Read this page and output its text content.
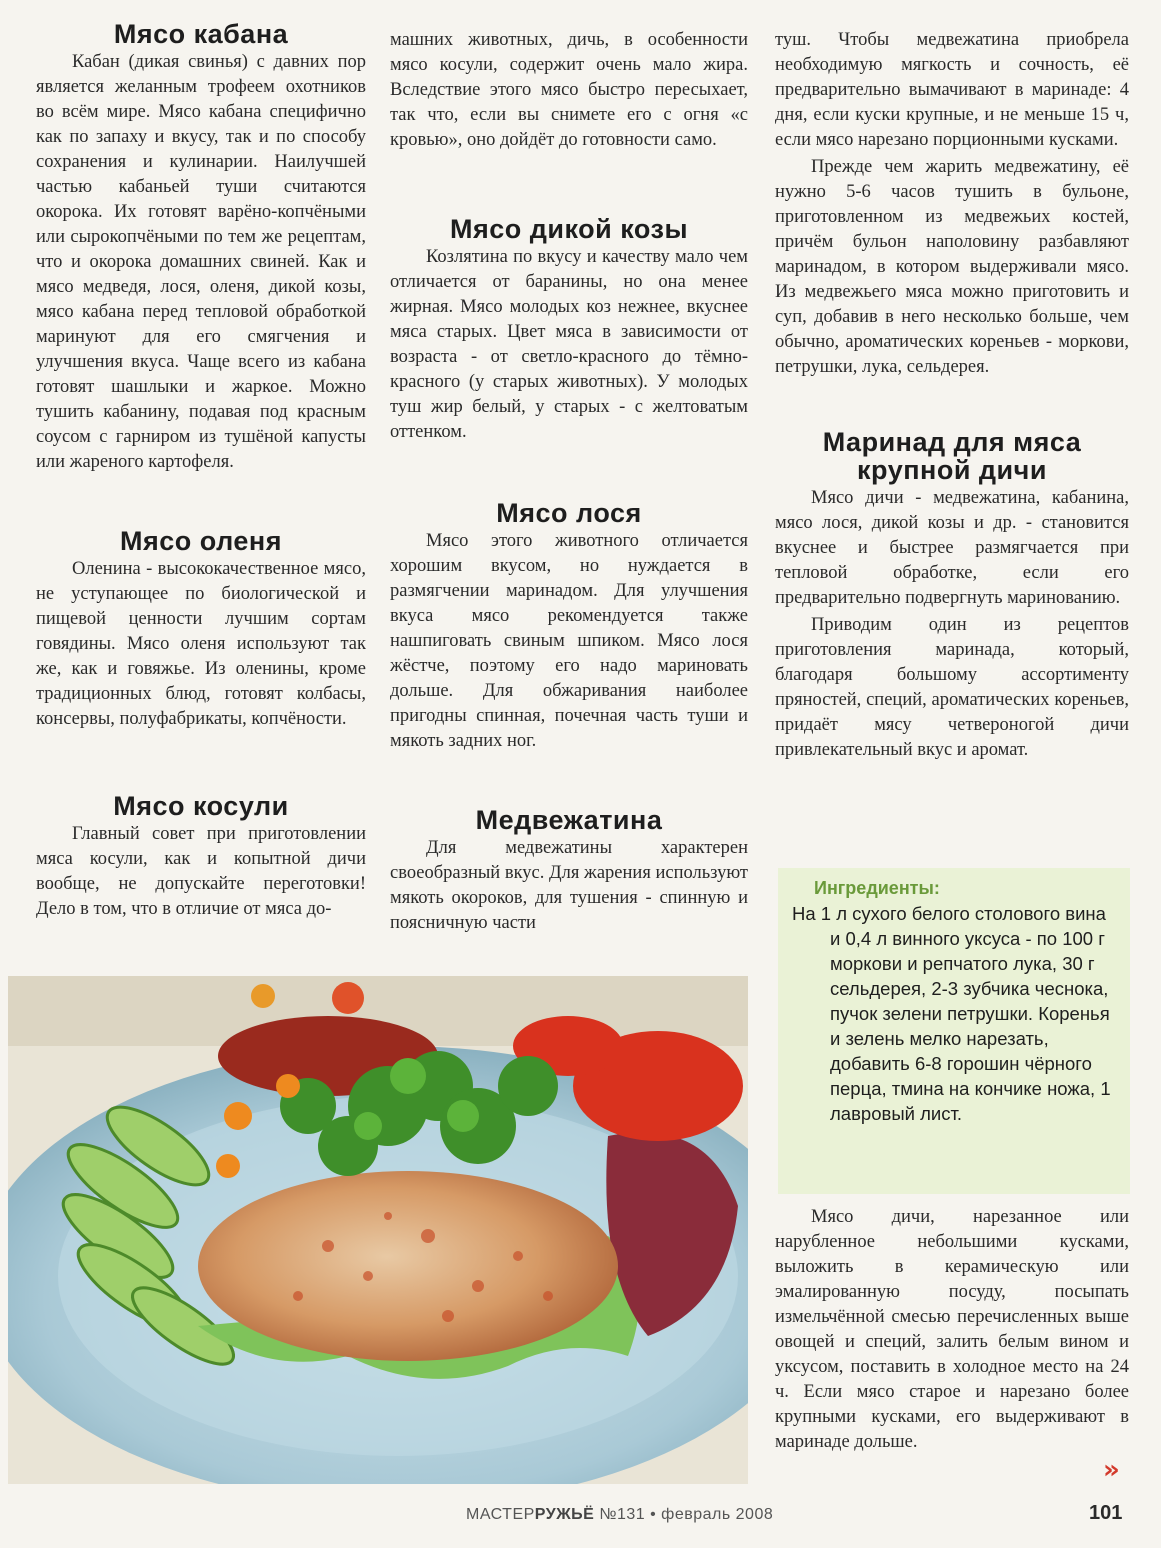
Мясо кабана

Кабан (дикая свинья) с давних пор является желанным трофеем охотников во всём мире. Мясо кабана специфично как по запаху и вкусу, так и по способу сохранения и кулинарии. Наилучшей частью кабаньей туши считаются окорока. Их готовят варёно-копчёными или сырокопчёными по тем же рецептам, что и окорока домашних свиней. Как и мясо медведя, лося, оленя, дикой козы, мясо кабана перед тепловой обработкой маринуют для его смягчения и улучшения вкуса. Чаще всего из кабана готовят шашлыки и жаркое. Можно тушить кабанину, подавая под красным соусом с гарниром из тушёной капусты или жареного картофеля.

Мясо оленя

Оленина - высококачественное мясо, не уступающее по биологической и пищевой ценности лучшим сортам говядины. Мясо оленя используют так же, как и говяжье. Из оленины, кроме традиционных блюд, готовят колбасы, консервы, полуфабрикаты, копчёности.

Мясо косули

Главный совет при приготовлении мяса косули, как и копытной дичи вообще, не допускайте переготовки! Дело в том, что в отличие от мяса до-

машних животных, дичь, в особенности мясо косули, содержит очень мало жира. Вследствие этого мясо быстро пересыхает, так что, если вы снимете его с огня «с кровью», оно дойдёт до готовности само.

Мясо дикой козы

Козлятина по вкусу и качеству мало чем отличается от баранины, но она менее жирная. Мясо молодых коз нежнее, вкуснее мяса старых. Цвет мяса в зависимости от возраста - от светло-красного до тёмно-красного (у старых животных). У молодых туш жир белый, у старых - с желтоватым оттенком.

Мясо лося

Мясо этого животного отличается хорошим вкусом, но нуждается в размягчении маринадом. Для улучшения вкуса мясо рекомендуется также нашпиговать свиным шпиком. Мясо лося жёстче, поэтому его надо мариновать дольше. Для обжаривания наиболее пригодны спинная, почечная часть туши и мякоть задних ног.

Медвежатина

Для медвежатины характерен своеобразный вкус. Для жарения используют мякоть окороков, для тушения - спинную и поясничную части

туш. Чтобы медвежатина приобрела необходимую мягкость и сочность, её предварительно вымачивают в маринаде: 4 дня, если куски крупные, и не меньше 15 ч, если мясо нарезано порционными кусками.

Прежде чем жарить медвежатину, её нужно 5-6 часов тушить в бульоне, приготовленном из медвежьих костей, причём бульон наполовину разбавляют маринадом, в котором выдерживали мясо. Из медвежьего мяса можно приготовить и суп, добавив в него несколько больше, чем обычно, ароматических кореньев - моркови, петрушки, лука, сельдерея.

Маринад для мяса крупной дичи

Мясо дичи - медвежатина, кабанина, мясо лося, дикой козы и др. - становится вкуснее и быстрее размягчается при тепловой обработке, если его предварительно подвергнуть маринованию.

Приводим один из рецептов приготовления маринада, который, благодаря большому ассортименту пряностей, специй, ароматических кореньев, придаёт мясу четвероногой дичи привлекательный вкус и аромат.

Ингредиенты:

На 1 л сухого белого столового вина и 0,4 л винного уксуса - по 100 г моркови и репчатого лука, 30 г сельдерея, 2-3 зубчика чеснока, пучок зелени петрушки. Коренья и зелень мелко нарезать, добавить 6-8 горошин чёрного перца, тмина на кончике ножа, 1 лавровый лист.

Мясо дичи, нарезанное или нарубленное небольшими кусками, выложить в керамическую или эмалированную посуду, посыпать измельчённой смесью перечисленных выше овощей и специй, залить белым вином и уксусом, поставить в холодное место на 24 ч. Если мясо старое и нарезано более крупными кусками, его выдерживают в маринаде дольше.

»
МАСТЕРРУЖЬЁ №131 • февраль 2008	101
